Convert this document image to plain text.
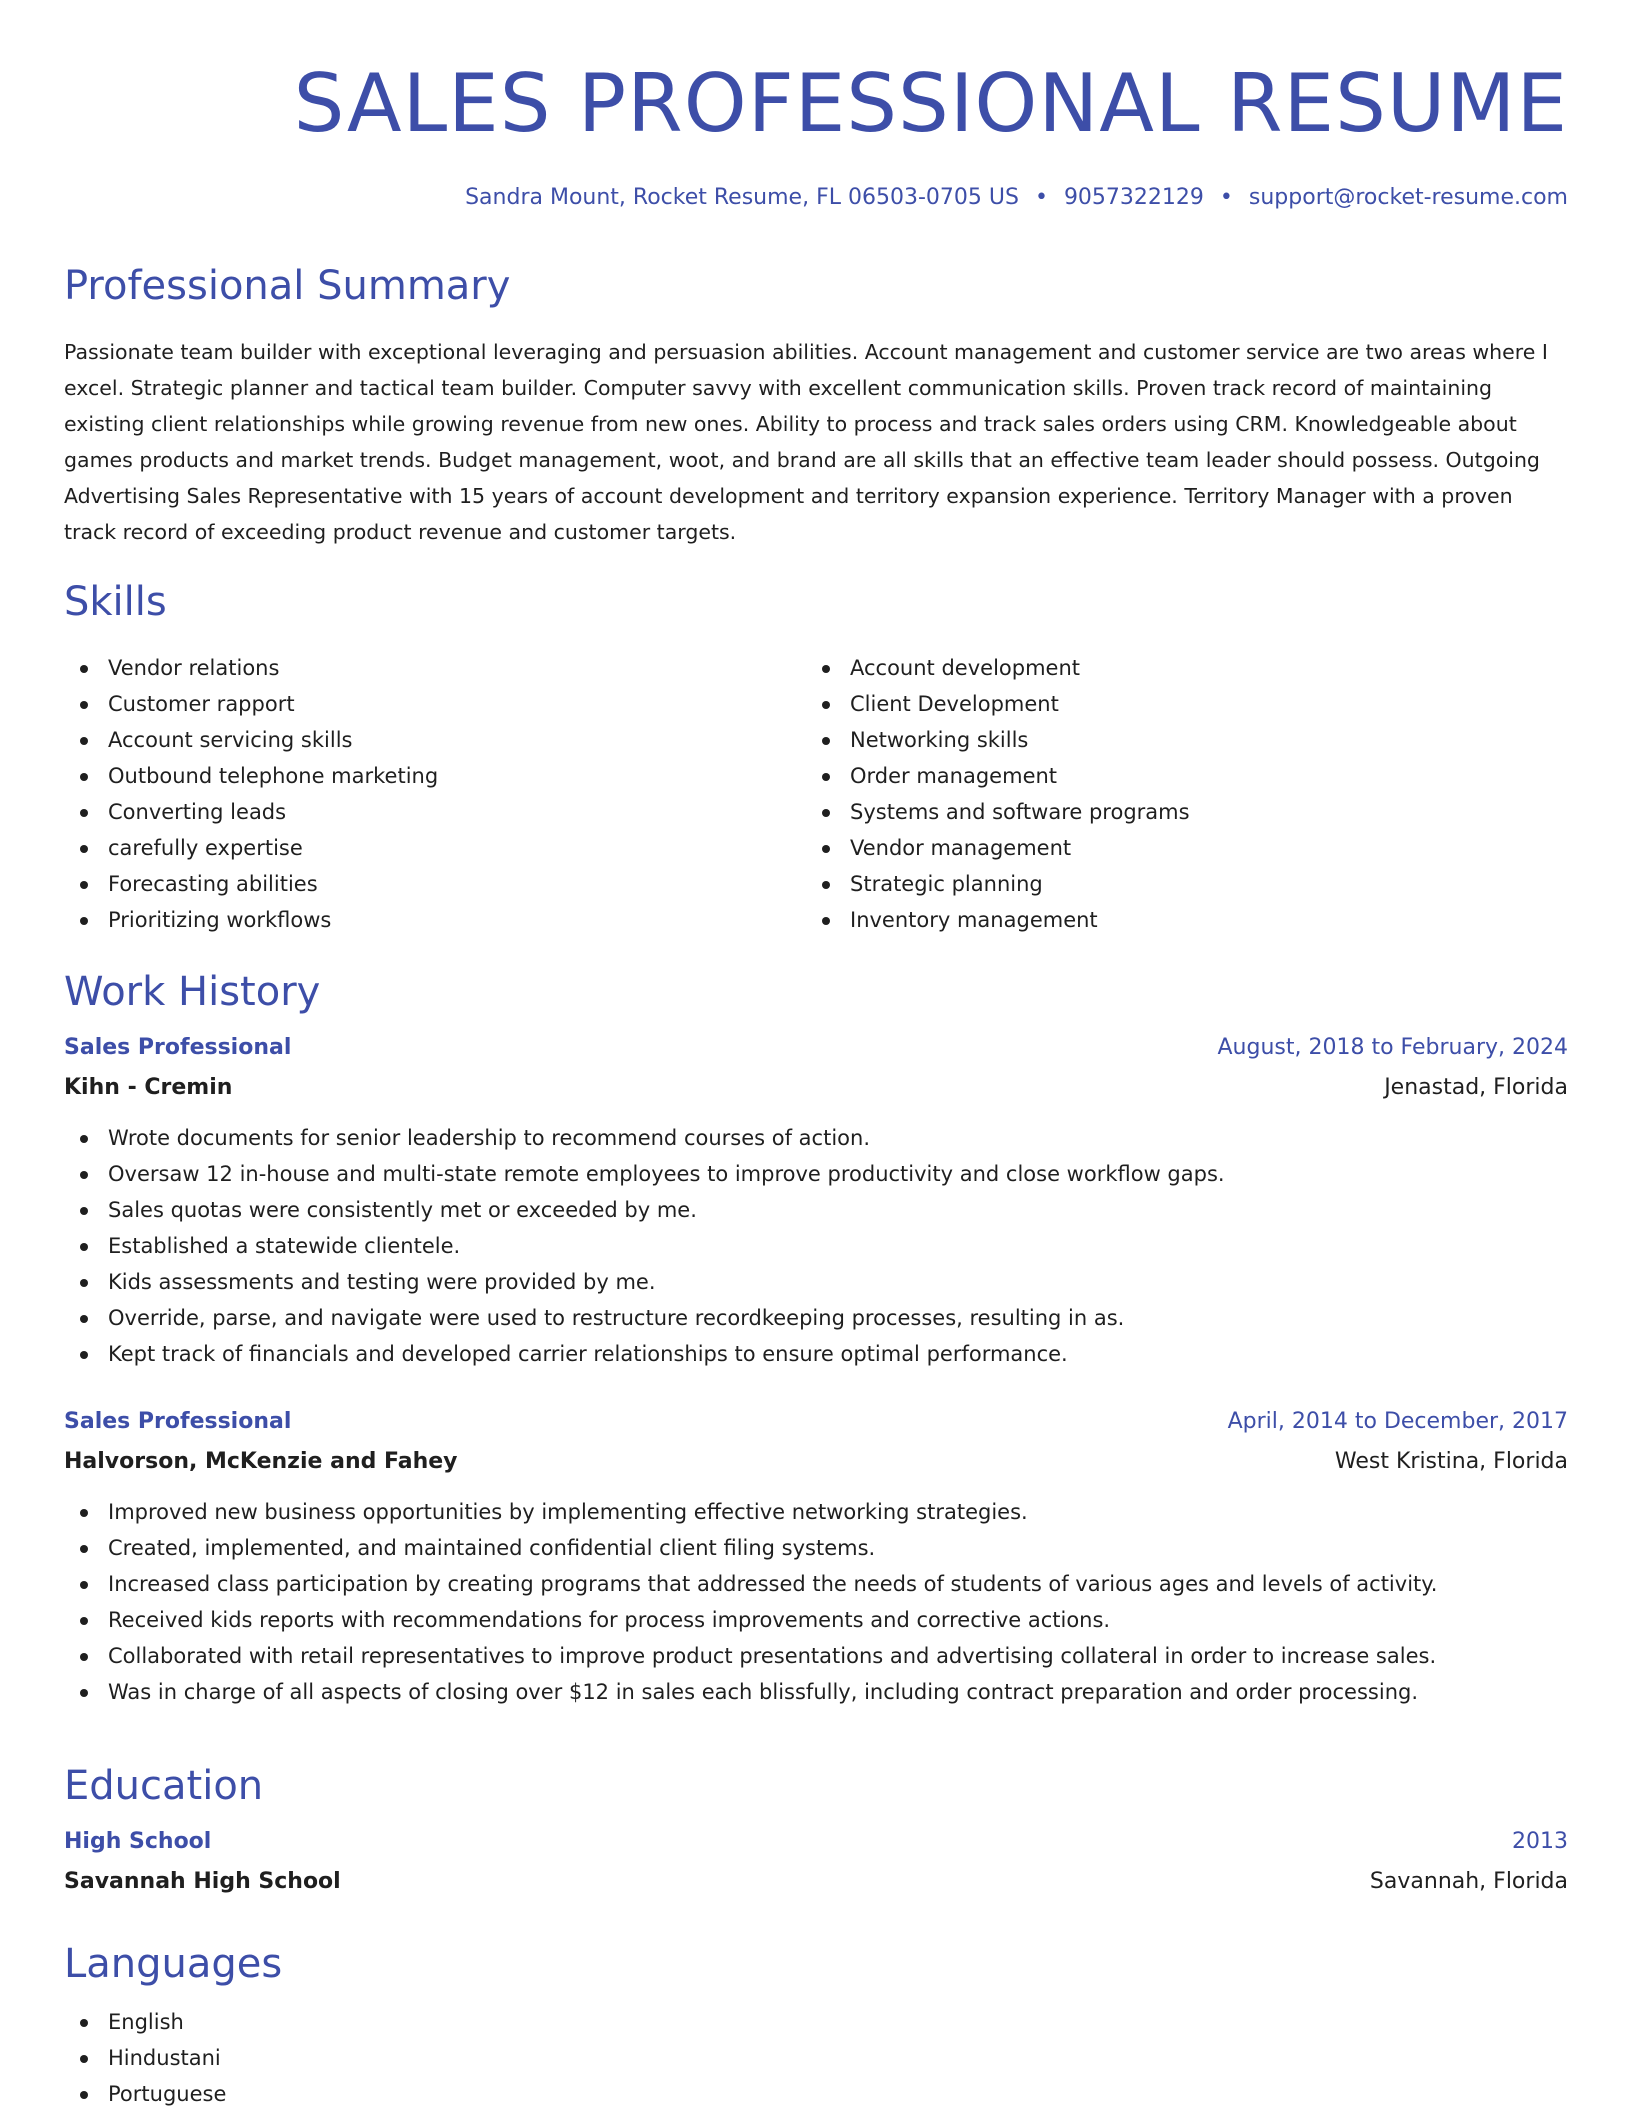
SALES PROFESSIONAL RESUME
Sandra Mount, Rocket Resume, FL 06503-0705 US • 9057322129 • support@rocket-resume.com
Professional Summary
Passionate team builder with exceptional leveraging and persuasion abilities. Account management and customer service are two areas where I excel. Strategic planner and tactical team builder. Computer savvy with excellent communication skills. Proven track record of maintaining existing client relationships while growing revenue from new ones. Ability to process and track sales orders using CRM. Knowledgeable about games products and market trends. Budget management, woot, and brand are all skills that an effective team leader should possess. Outgoing Advertising Sales Representative with 15 years of account development and territory expansion experience. Territory Manager with a proven track record of exceeding product revenue and customer targets.
Skills
Vendor relations
Customer rapport
Account servicing skills
Outbound telephone marketing
Converting leads
carefully expertise
Forecasting abilities
Prioritizing workflows
Account development
Client Development
Networking skills
Order management
Systems and software programs
Vendor management
Strategic planning
Inventory management
Work History
Sales Professional	August, 2018 to February, 2024
Kihn - Cremin	Jenastad, Florida
Wrote documents for senior leadership to recommend courses of action.
Oversaw 12 in-house and multi-state remote employees to improve productivity and close workflow gaps.
Sales quotas were consistently met or exceeded by me.
Established a statewide clientele.
Kids assessments and testing were provided by me.
Override, parse, and navigate were used to restructure recordkeeping processes, resulting in as.
Kept track of financials and developed carrier relationships to ensure optimal performance.
Sales Professional	April, 2014 to December, 2017
Halvorson, McKenzie and Fahey	West Kristina, Florida
Improved new business opportunities by implementing effective networking strategies.
Created, implemented, and maintained confidential client filing systems.
Increased class participation by creating programs that addressed the needs of students of various ages and levels of activity.
Received kids reports with recommendations for process improvements and corrective actions.
Collaborated with retail representatives to improve product presentations and advertising collateral in order to increase sales.
Was in charge of all aspects of closing over $12 in sales each blissfully, including contract preparation and order processing.
Education
High School	2013
Savannah High School	Savannah, Florida
Languages
English
Hindustani
Portuguese
